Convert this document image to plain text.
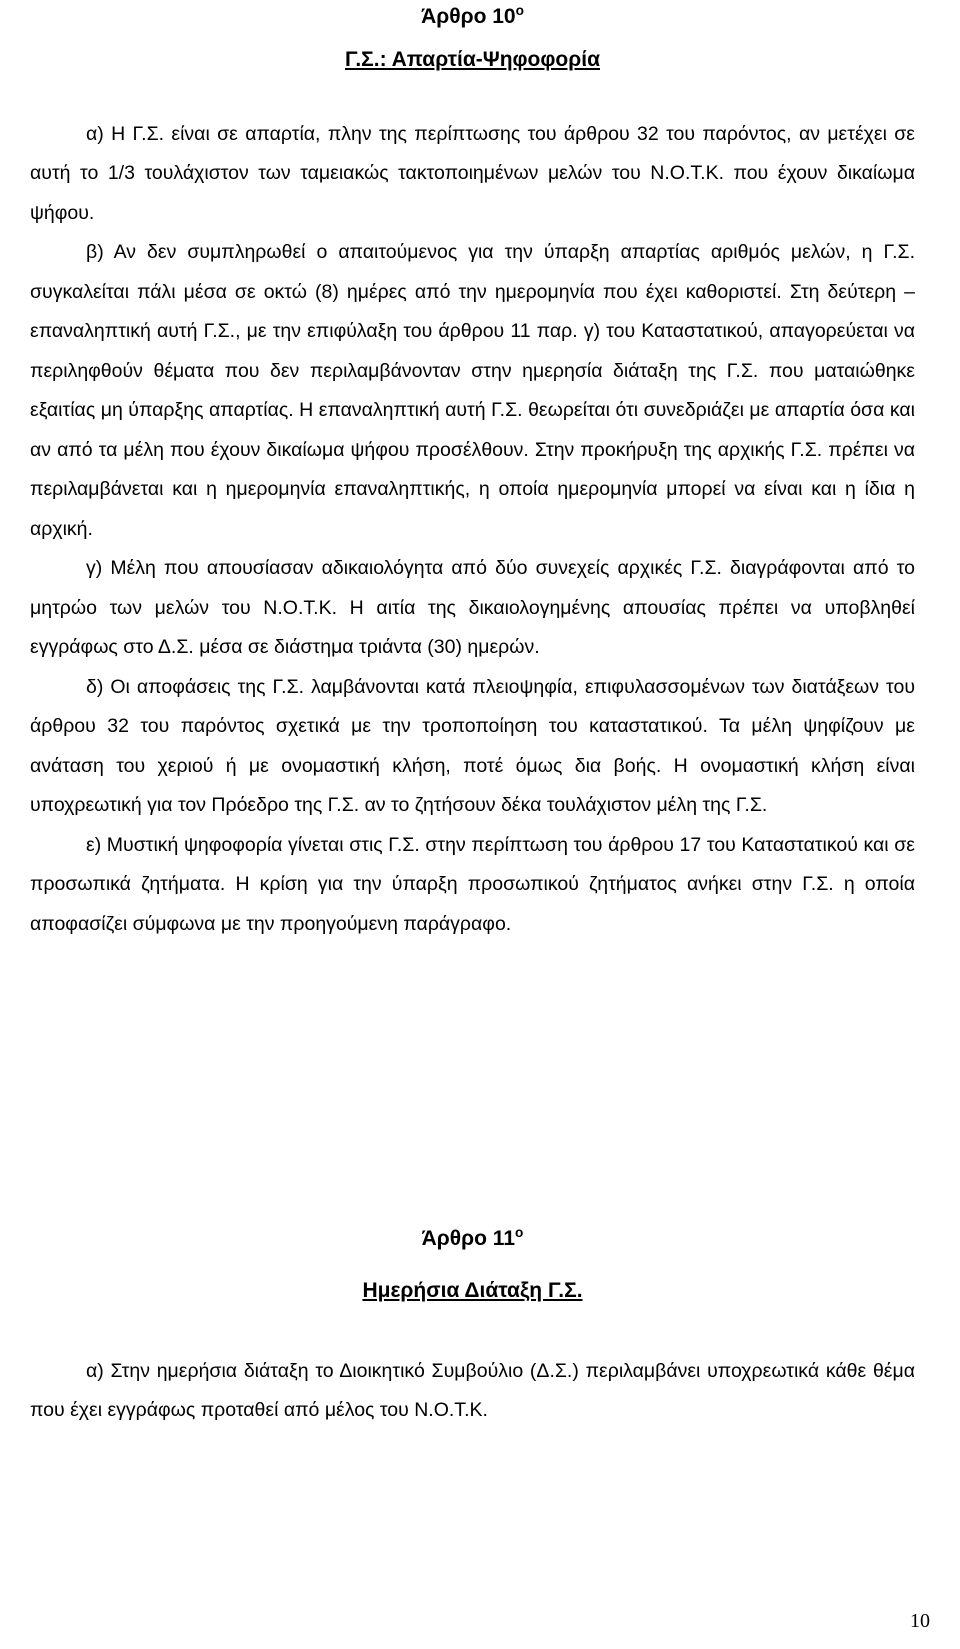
Άρθρο $10^o$
Γ.Σ.: Απαρτία-Ψηφοφορία

α) Η Γ.Σ. είναι σε απαρτία, πλην της περίπτωσης του άρθρου 32 του παρόντος, αν μετέχει σε αυτή το 1/3 τουλάχιστον των ταμειακώς τακτοποιημένων μελών του Ν.Ο.Τ.Κ. που έχουν δικαίωμα ψήφου.

β) Αν δεν συμπληρωθεί ο απαιτούμενος για την ύπαρξη απαρτίας αριθμός μελών, η Γ.Σ. συγκαλείται πάλι μέσα σε οκτώ (8) ημέρες από την ημερομηνία που έχει καθοριστεί. Στη δεύτερη – επαναληπτική αυτή Γ.Σ., με την επιφύλαξη του άρθρου 11 παρ. γ) του Καταστατικού, απαγορεύεται να περιληφθούν θέματα που δεν περιλαμβάνονταν στην ημερησία διάταξη της Γ.Σ. που ματαιώθηκε εξαιτίας μη ύπαρξης απαρτίας. Η επαναληπτική αυτή Γ.Σ. θεωρείται ότι συνεδριάζει με απαρτία όσα και αν από τα μέλη που έχουν δικαίωμα ψήφου προσέλθουν. Στην προκήρυξη της αρχικής Γ.Σ. πρέπει να περιλαμβάνεται και η ημερομηνία επαναληπτικής, η οποία ημερομηνία μπορεί να είναι και η ίδια η αρχική.

γ) Μέλη που απουσίασαν αδικαιολόγητα από δύο συνεχείς αρχικές Γ.Σ. διαγράφονται από το μητρώο των μελών του Ν.Ο.Τ.Κ. Η αιτία της δικαιολογημένης απουσίας πρέπει να υποβληθεί εγγράφως στο Δ.Σ. μέσα σε διάστημα τριάντα (30) ημερών.

δ) Οι αποφάσεις της Γ.Σ. λαμβάνονται κατά πλειοψηφία, επιφυλασσομένων των διατάξεων του άρθρου 32 του παρόντος σχετικά με την τροποποίηση του καταστατικού. Τα μέλη ψηφίζουν με ανάταση του χεριού ή με ονομαστική κλήση, ποτέ όμως δια βοής. Η ονομαστική κλήση είναι υποχρεωτική για τον Πρόεδρο της Γ.Σ. αν το ζητήσουν δέκα τουλάχιστον μέλη της Γ.Σ.

ε) Μυστική ψηφοφορία γίνεται στις Γ.Σ. στην περίπτωση του άρθρου 17 του Καταστατικού και σε προσωπικά ζητήματα. Η κρίση για την ύπαρξη προσωπικού ζητήματος ανήκει στην Γ.Σ. η οποία αποφασίζει σύμφωνα με την προηγούμενη παράγραφο.

Άρθρο $11^o$
Ημερήσια Διάταξη Γ.Σ.

α) Στην ημερήσια διάταξη το Διοικητικό Συμβούλιο (Δ.Σ.) περιλαμβάνει υποχρεωτικά κάθε θέμα που έχει εγγράφως προταθεί από μέλος του Ν.Ο.Τ.Κ.

10
